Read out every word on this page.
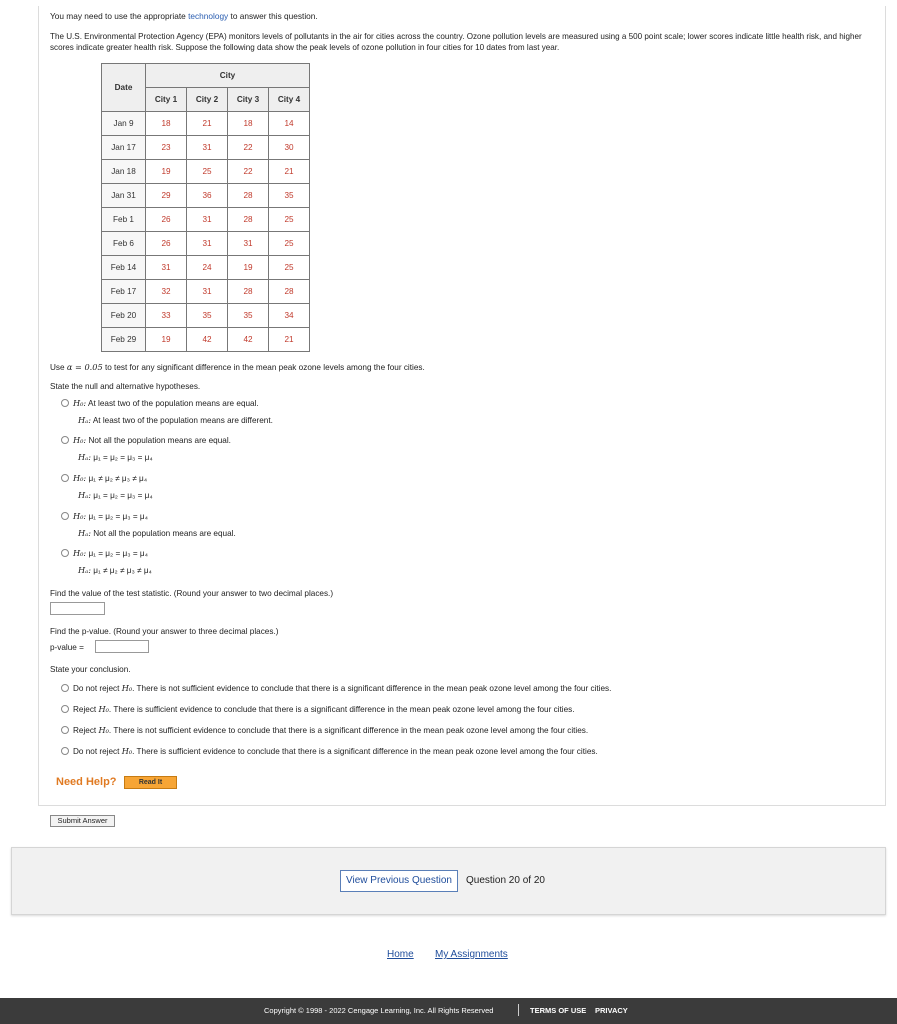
You may need to use the appropriate technology to answer this question.
The U.S. Environmental Protection Agency (EPA) monitors levels of pollutants in the air for cities across the country. Ozone pollution levels are measured using a 500 point scale; lower scores indicate little health risk, and higher scores indicate greater health risk. Suppose the following data show the peak levels of ozone pollution in four cities for 10 dates from last year.
Date	City			
	City 1	City 2	City 3	City 4
Jan 9	18	21	18	14
Jan 17	23	31	22	30
Jan 18	19	25	22	21
Jan 31	29	36	28	35
Feb 1	26	31	28	25
Feb 6	26	31	31	25
Feb 14	31	24	19	25
Feb 17	32	31	28	28
Feb 20	33	35	35	34
Feb 29	19	42	42	21
Use α = 0.05 to test for any significant difference in the mean peak ozone levels among the four cities.
State the null and alternative hypotheses.
H₀: At least two of the population means are equal.
Hₐ: At least two of the population means are different.
H₀: Not all the population means are equal.
Hₐ: μ₁ = μ₂ = μ₃ = μ₄
H₀: μ₁ ≠ μ₂ ≠ μ₃ ≠ μ₄
Hₐ: μ₁ = μ₂ = μ₃ = μ₄
H₀: μ₁ = μ₂ = μ₃ = μ₄
Hₐ: Not all the population means are equal.
H₀: μ₁ = μ₂ = μ₃ = μ₄
Hₐ: μ₁ ≠ μ₂ ≠ μ₃ ≠ μ₄
Find the value of the test statistic. (Round your answer to two decimal places.)
Find the p-value. (Round your answer to three decimal places.)
p-value =
State your conclusion.
Do not reject H₀. There is not sufficient evidence to conclude that there is a significant difference in the mean peak ozone level among the four cities.
Reject H₀. There is sufficient evidence to conclude that there is a significant difference in the mean peak ozone level among the four cities.
Reject H₀. There is not sufficient evidence to conclude that there is a significant difference in the mean peak ozone level among the four cities.
Do not reject H₀. There is sufficient evidence to conclude that there is a significant difference in the mean peak ozone level among the four cities.
Need Help?	Read It
Submit Answer
View Previous Question	Question 20 of 20
Home My Assignments
Copyright © 1998 - 2022 Cengage Learning, Inc. All Rights Reserved	TERMS OF USE PRIVACY
